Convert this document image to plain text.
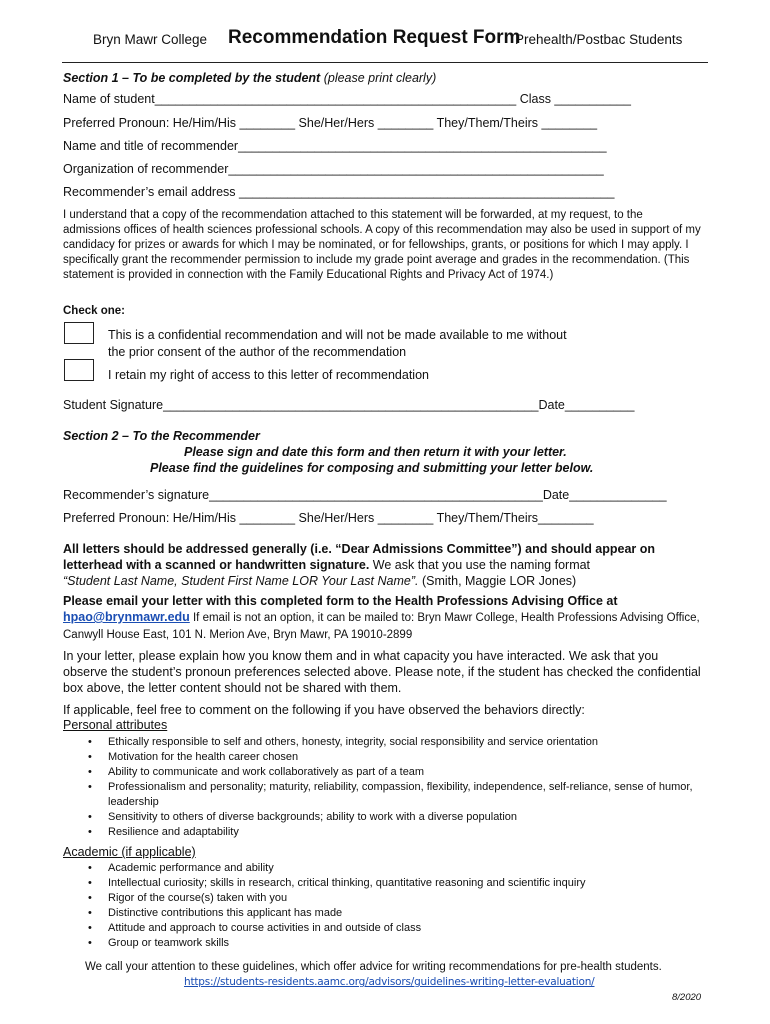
Bryn Mawr College Recommendation Request Form
Prehealth/Postbac Students
Section 1 – To be completed by the student (please print clearly)
Name of student____________________________________________________ Class ___________
Preferred Pronoun: He/Him/His ________ She/Her/Hers ________ They/Them/Theirs ________
Name and title of recommender_____________________________________________________
Organization of recommender______________________________________________________
Recommender’s email address ______________________________________________________
I understand that a copy of the recommendation attached to this statement will be forwarded, at my request, to the admissions offices of health sciences professional schools. A copy of this recommendation may also be used in support of my candidacy for prizes or awards for which I may be nominated, or for fellowships, grants, or positions for which I may apply. I specifically grant the recommender permission to include my grade point average and grades in the recommendation. (This statement is provided in connection with the Family Educational Rights and Privacy Act of 1974.)
Check one:
This is a confidential recommendation and will not be made available to me without
the prior consent of the author of the recommendation
I retain my right of access to this letter of recommendation
Student Signature______________________________________________________Date__________
Section 2 – To the Recommender
Please sign and date this form and then return it with your letter.
Please find the guidelines for composing and submitting your letter below.
Recommender’s signature________________________________________________Date______________
Preferred Pronoun: He/Him/His ________ She/Her/Hers ________ They/Them/Theirs________
All letters should be addressed generally (i.e. “Dear Admissions Committee”) and should appear on letterhead with a scanned or handwritten signature. We ask that you use the naming format
“Student Last Name, Student First Name LOR Your Last Name”. (Smith, Maggie LOR Jones)
Please email your letter with this completed form to the Health Professions Advising Office at
hpao@brynmawr.edu If email is not an option, it can be mailed to: Bryn Mawr College, Health Professions Advising Office, Canwyll House East, 101 N. Merion Ave, Bryn Mawr, PA 19010-2899
In your letter, please explain how you know them and in what capacity you have interacted. We ask that you observe the student’s pronoun preferences selected above. Please note, if the student has checked the confidential box above, the letter content should not be shared with them.
If applicable, feel free to comment on the following if you have observed the behaviors directly:
Personal attributes
• Ethically responsible to self and others, honesty, integrity, social responsibility and service orientation
• Motivation for the health career chosen
• Ability to communicate and work collaboratively as part of a team
• Professionalism and personality; maturity, reliability, compassion, flexibility, independence, self-reliance, sense of humor, leadership
• Sensitivity to others of diverse backgrounds; ability to work with a diverse population
• Resilience and adaptability
Academic (if applicable)
• Academic performance and ability
• Intellectual curiosity; skills in research, critical thinking, quantitative reasoning and scientific inquiry
• Rigor of the course(s) taken with you
• Distinctive contributions this applicant has made
• Attitude and approach to course activities in and outside of class
• Group or teamwork skills
We call your attention to these guidelines, which offer advice for writing recommendations for pre-health students.
https://students-residents.aamc.org/advisors/guidelines-writing-letter-evaluation/
8/2020
